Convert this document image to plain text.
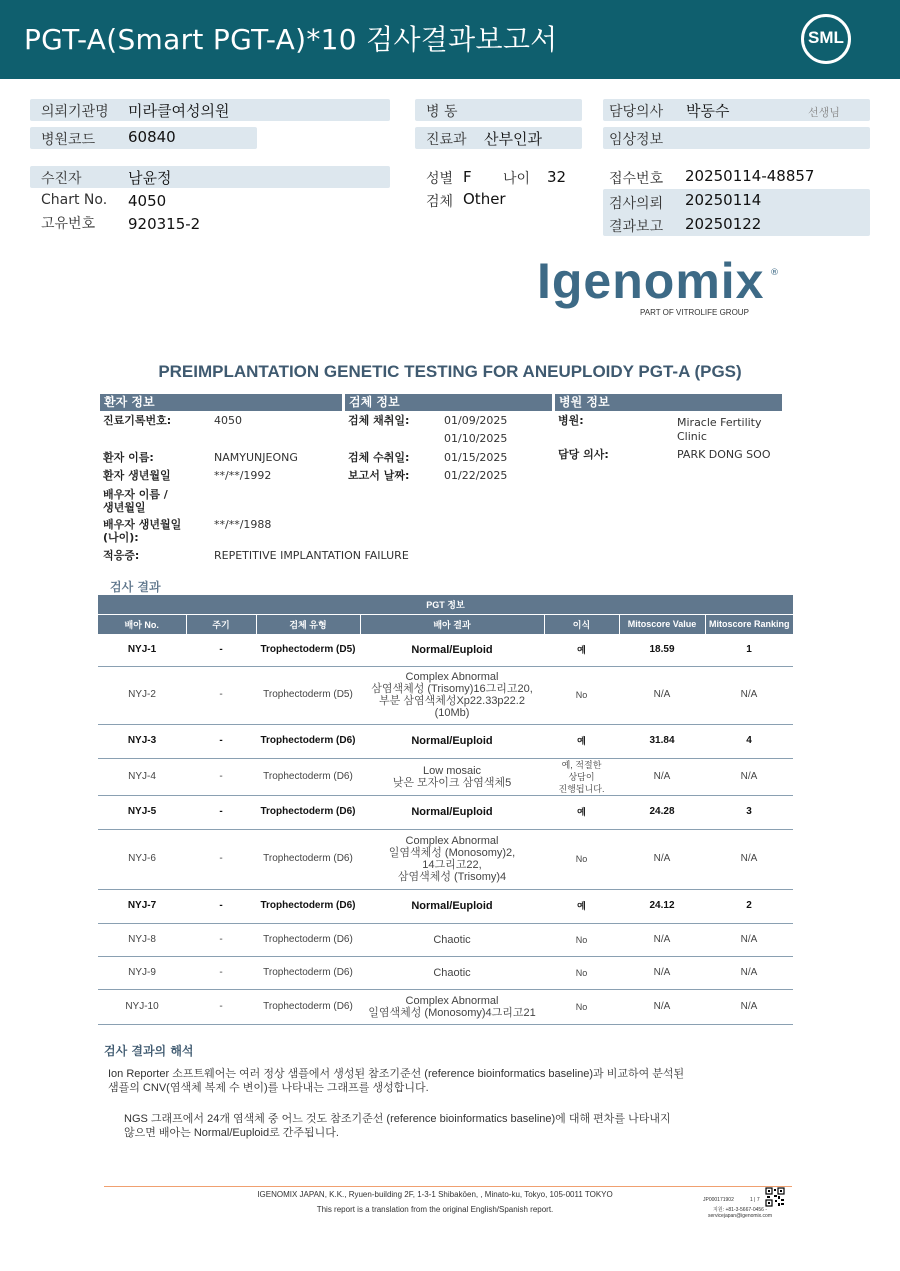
PGT-A(Smart PGT-A)*10 검사결과보고서	SML
의뢰기관명 미라클여성의원
병원코드 60840
병 동
진료과 산부인과
담당의사 박동수	선생님
임상정보
수진자	남윤정
Chart No. 4050
고유번호 920315-2
성별 F 나이 32
검체 Other
접수번호 20250114-48857
검사의뢰 20250114
결과보고 20250122
Igenomix ®
PART OF VITROLIFE GROUP
PREIMPLANTATION GENETIC TESTING FOR ANEUPLOIDY PGT-A (PGS)
환자 정보	검체 정보	병원 정보
진료기록번호:	4050
환자 이름:	NAMYUNJEONG
환자 생년월일	**/**/1992
배우자 이름 /
생년월일
배우자 생년월일
(나이):
**/**/1988
적응증:	REPETITIVE IMPLANTATION FAILURE
검체 채취일:	01/09/2025
01/10/2025
검체 수취일:	01/15/2025
보고서 날짜:	01/22/2025
병원:	Miracle Fertility
Clinic
담당 의사:	PARK DONG SOO
검사 결과
PGT 정보						
배아 No.	주기	검체 유형	배아 결과	이식	Mitoscore Value	Mitoscore Ranking
NYJ-1	-	Trophectoderm (D5)	Normal/Euploid	예	18.59	1
NYJ-2	-	Trophectoderm (D5)	Complex Abnormal
삼염색체성 (Trisomy)16그리고20,
부분 삼염색체성Xp22.33p22.2
(10Mb)	No	N/A	N/A
NYJ-3	-	Trophectoderm (D6)	Normal/Euploid	예	31.84	4
NYJ-4	-	Trophectoderm (D6)	Low mosaic
낮은 모자이크 삼염색체5	예, 적절한
상담이
진행됩니다.	N/A	N/A
NYJ-5	-	Trophectoderm (D6)	Normal/Euploid	예	24.28	3
NYJ-6	-	Trophectoderm (D6)	Complex Abnormal
일염색체성 (Monosomy)2,
14그리고22,
삼염색체성 (Trisomy)4	No	N/A	N/A
NYJ-7	-	Trophectoderm (D6)	Normal/Euploid	예	24.12	2
NYJ-8	-	Trophectoderm (D6)	Chaotic	No	N/A	N/A
NYJ-9	-	Trophectoderm (D6)	Chaotic	No	N/A	N/A
NYJ-10	-	Trophectoderm (D6)	Complex Abnormal
일염색체성 (Monosomy)4그리고21	No	N/A	N/A
검사 결과의 해석
Ion Reporter 소프트웨어는 여러 정상 샘플에서 생성된 참조기준선 (reference bioinformatics baseline)과 비교하여 분석된
샘플의 CNV(염색체 복제 수 변이)를 나타내는 그래프를 생성합니다.
NGS 그래프에서 24개 염색체 중 어느 것도 참조기준선 (reference bioinformatics baseline)에 대해 편차를 나타내지
않으면 배아는 Normal/Euploid로 간주됩니다.
IGENOMIX JAPAN, K.K., Ryuen-building 2F, 1-3-1 Shibakōen, , Minato-ku, Tokyo, 105-0011 TOKYO
This report is a translation from the original English/Spanish report.
JP000171902	1 | 7
지원: +81-3-5667-0456 -
servicejapan@igenomix.com
